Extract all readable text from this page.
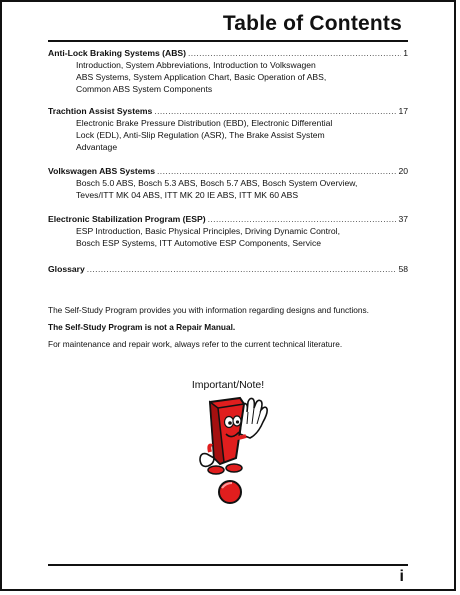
Table of Contents
Anti-Lock Braking Systems (ABS) .....	1
Introduction, System Abbreviations, Introduction to Volkswagen
ABS Systems, System Application Chart, Basic Operation of ABS,
Common ABS System Components
Trachtion Assist Systems .....	17
Electronic Brake Pressure Distribution (EBD), Electronic Differential
Lock (EDL), Anti-Slip Regulation (ASR), The Brake Assist System
Advantage
Volkswagen ABS Systems .....	20
Bosch 5.0 ABS, Bosch 5.3 ABS, Bosch 5.7 ABS, Bosch System Overview,
Teves/ITT MK 04 ABS, ITT MK 20 IE ABS, ITT MK 60 ABS
Electronic Stabilization Program (ESP) .....	37
ESP Introduction, Basic Physical Principles, Driving Dynamic Control,
Bosch ESP Systems, ITT Automotive ESP Components, Service
Glossary .....	58

The Self-Study Program provides you with information regarding designs and functions.

The Self-Study Program is not a Repair Manual.

For maintenance and repair work, always refer to the current technical literature.

Important/Note!
i
